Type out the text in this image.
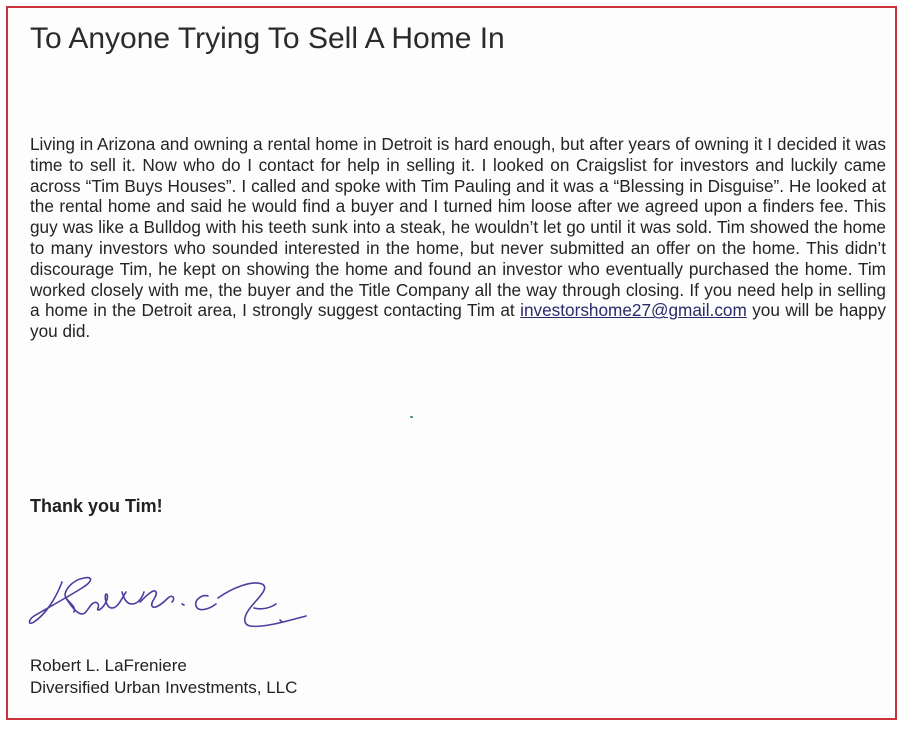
To Anyone Trying To Sell A Home In
Living in Arizona and owning a rental home in Detroit is hard enough, but after years of owning it I decided it was time to sell it. Now who do I contact for help in selling it. I looked on Craigslist for investors and luckily came across “Tim Buys Houses”. I called and spoke with Tim Pauling and it was a “Blessing in Disguise”. He looked at the rental home and said he would find a buyer and I turned him loose after we agreed upon a finders fee. This guy was like a Bulldog with his teeth sunk into a steak, he wouldn’t let go until it was sold. Tim showed the home to many investors who sounded interested in the home, but never submitted an offer on the home. This didn’t discourage Tim, he kept on showing the home and found an investor who eventually purchased the home. Tim worked closely with me, the buyer and the Title Company all the way through closing. If you need help in selling a home in the Detroit area, I strongly suggest contacting Tim at investorshome27@gmail.com you will be happy you did.
Thank you Tim!
Robert L. LaFreniere
Diversified Urban Investments, LLC
